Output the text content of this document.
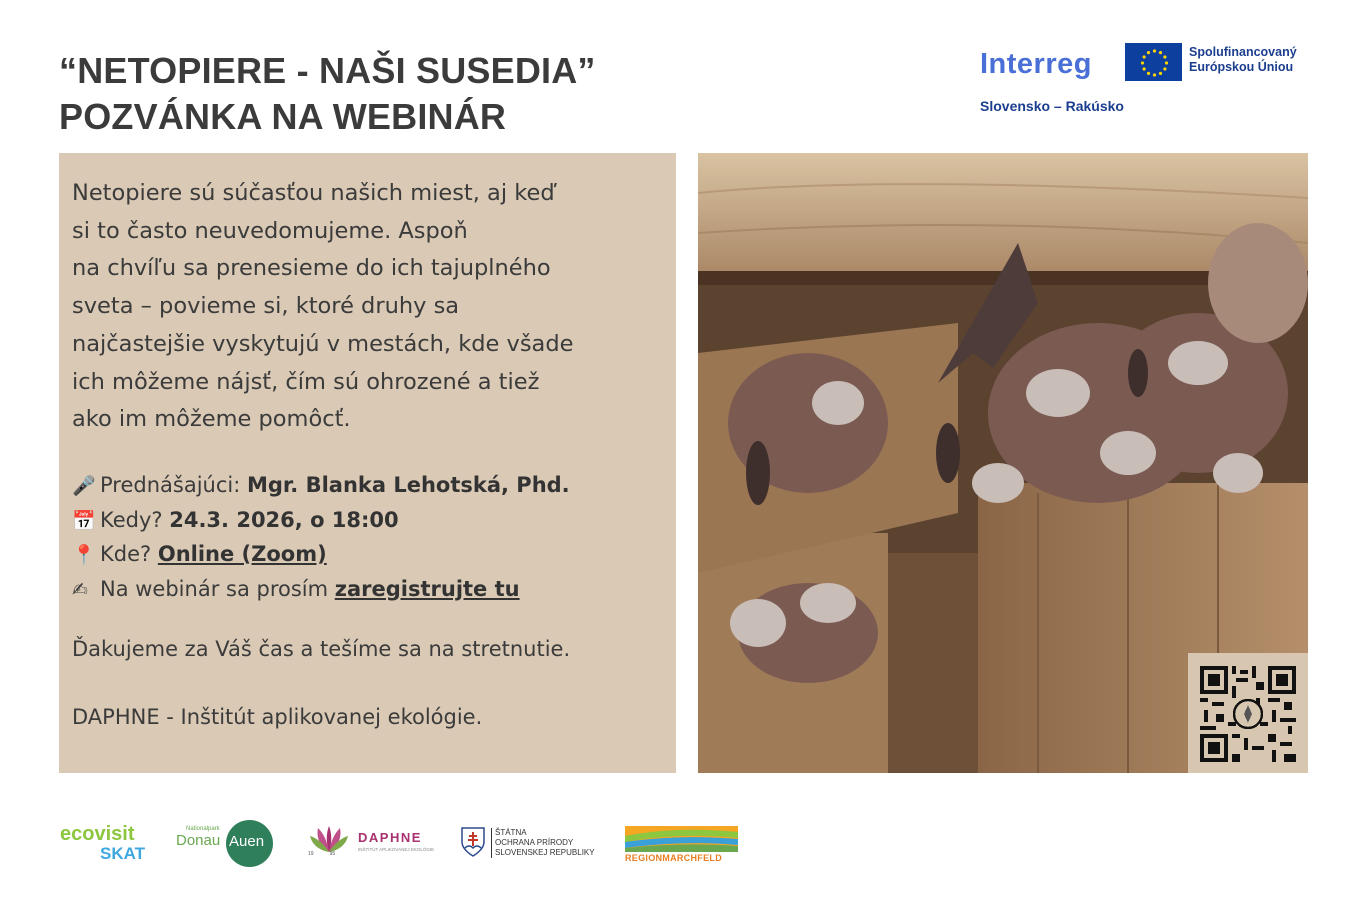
“NETOPIERE - NAŠI SUSEDIA”
POZVÁNKA NA WEBINÁR
Interreg	Spolufinancovaný
Európskou Úniou
Slovensko – Rakúsko
Netopiere sú súčasťou našich miest, aj keď
si to často neuvedomujeme. Aspoň
na chvíľu sa prenesieme do ich tajuplného
sveta – povieme si, ktoré druhy sa
najčastejšie vyskytujú v mestách, kde všade
ich môžeme nájsť, čím sú ohrozené a tiež
ako im môžeme pomôcť.
🎤 Prednášajúci: Mgr. Blanka Lehotská, Phd.
📅 Kedy? 24.3. 2026, o 18:00
📍 Kde? Online (Zoom)
✍ Na webinár sa prosím zaregistrujte tu
Ďakujeme za Váš čas a tešíme sa na stretnutie.
DAPHNE - Inštitút aplikovanej ekológie.
ecovisit
SKAT
Nationalpark
Donau Auen
19	95
DAPHNE
INŠTITÚT APLIKOVANEJ EKOLÓGIE
ŠTÁTNA
OCHRANA PRÍRODY
SLOVENSKEJ REPUBLIKY
REGIONMARCHFELD
